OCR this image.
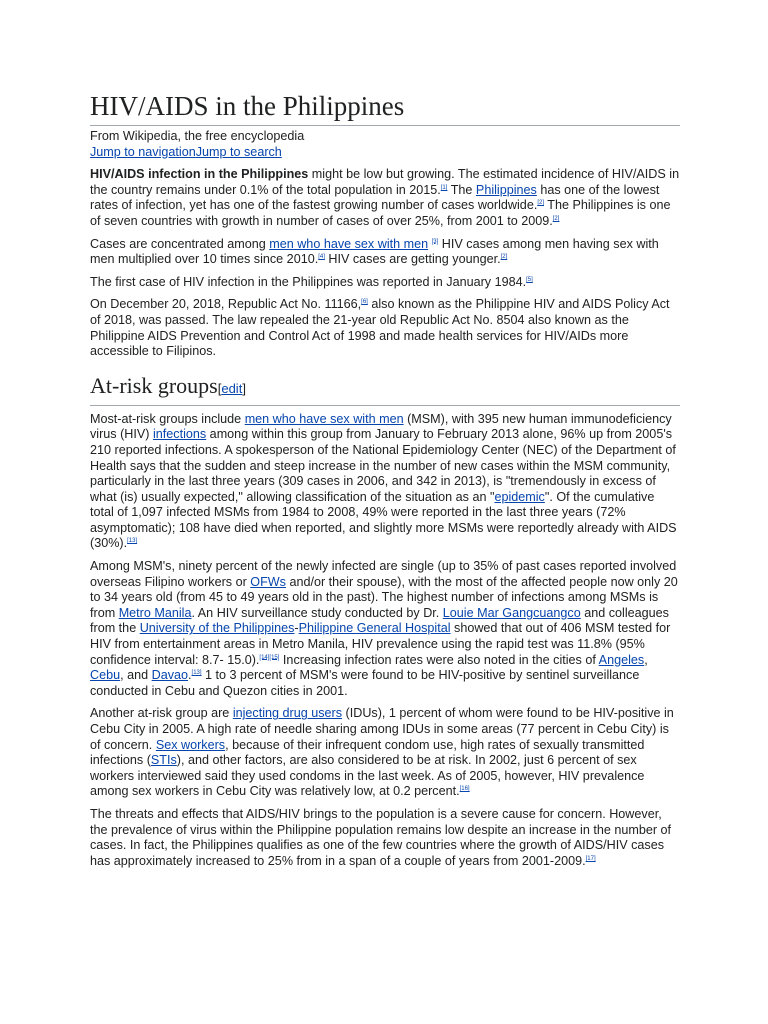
HIV/AIDS in the Philippines
From Wikipedia, the free encyclopedia
Jump to navigationJump to search

HIV/AIDS infection in the Philippines might be low but growing. The estimated incidence of HIV/AIDS in the country remains under 0.1% of the total population in 2015.[1] The Philippines has one of the lowest rates of infection, yet has one of the fastest growing number of cases worldwide.[2] The Philippines is one of seven countries with growth in number of cases of over 25%, from 2001 to 2009.[2]

Cases are concentrated among men who have sex with men [3] HIV cases among men having sex with men multiplied over 10 times since 2010.[4] HIV cases are getting younger.[2]

The first case of HIV infection in the Philippines was reported in January 1984.[5]

On December 20, 2018, Republic Act No. 11166,[6] also known as the Philippine HIV and AIDS Policy Act of 2018, was passed. The law repealed the 21-year old Republic Act No. 8504 also known as the Philippine AIDS Prevention and Control Act of 1998 and made health services for HIV/AIDs more accessible to Filipinos.

At-risk groups[edit]

Most-at-risk groups include men who have sex with men (MSM), with 395 new human immunodeficiency virus (HIV) infections among within this group from January to February 2013 alone, 96% up from 2005's 210 reported infections. A spokesperson of the National Epidemiology Center (NEC) of the Department of Health says that the sudden and steep increase in the number of new cases within the MSM community, particularly in the last three years (309 cases in 2006, and 342 in 2013), is "tremendously in excess of what (is) usually expected," allowing classification of the situation as an "epidemic". Of the cumulative total of 1,097 infected MSMs from 1984 to 2008, 49% were reported in the last three years (72% asymptomatic); 108 have died when reported, and slightly more MSMs were reportedly already with AIDS (30%).[13]

Among MSM's, ninety percent of the newly infected are single (up to 35% of past cases reported involved overseas Filipino workers or OFWs and/or their spouse), with the most of the affected people now only 20 to 34 years old (from 45 to 49 years old in the past). The highest number of infections among MSMs is from Metro Manila. An HIV surveillance study conducted by Dr. Louie Mar Gangcuangco and colleagues from the University of the Philippines-Philippine General Hospital showed that out of 406 MSM tested for HIV from entertainment areas in Metro Manila, HIV prevalence using the rapid test was 11.8% (95% confidence interval: 8.7- 15.0).[14][15] Increasing infection rates were also noted in the cities of Angeles, Cebu, and Davao.[13] 1 to 3 percent of MSM's were found to be HIV-positive by sentinel surveillance conducted in Cebu and Quezon cities in 2001.

Another at-risk group are injecting drug users (IDUs), 1 percent of whom were found to be HIV-positive in Cebu City in 2005. A high rate of needle sharing among IDUs in some areas (77 percent in Cebu City) is of concern. Sex workers, because of their infrequent condom use, high rates of sexually transmitted infections (STIs), and other factors, are also considered to be at risk. In 2002, just 6 percent of sex workers interviewed said they used condoms in the last week. As of 2005, however, HIV prevalence among sex workers in Cebu City was relatively low, at 0.2 percent.[16]

The threats and effects that AIDS/HIV brings to the population is a severe cause for concern. However, the prevalence of virus within the Philippine population remains low despite an increase in the number of cases. In fact, the Philippines qualifies as one of the few countries where the growth of AIDS/HIV cases has approximately increased to 25% from in a span of a couple of years from 2001-2009.[17]
